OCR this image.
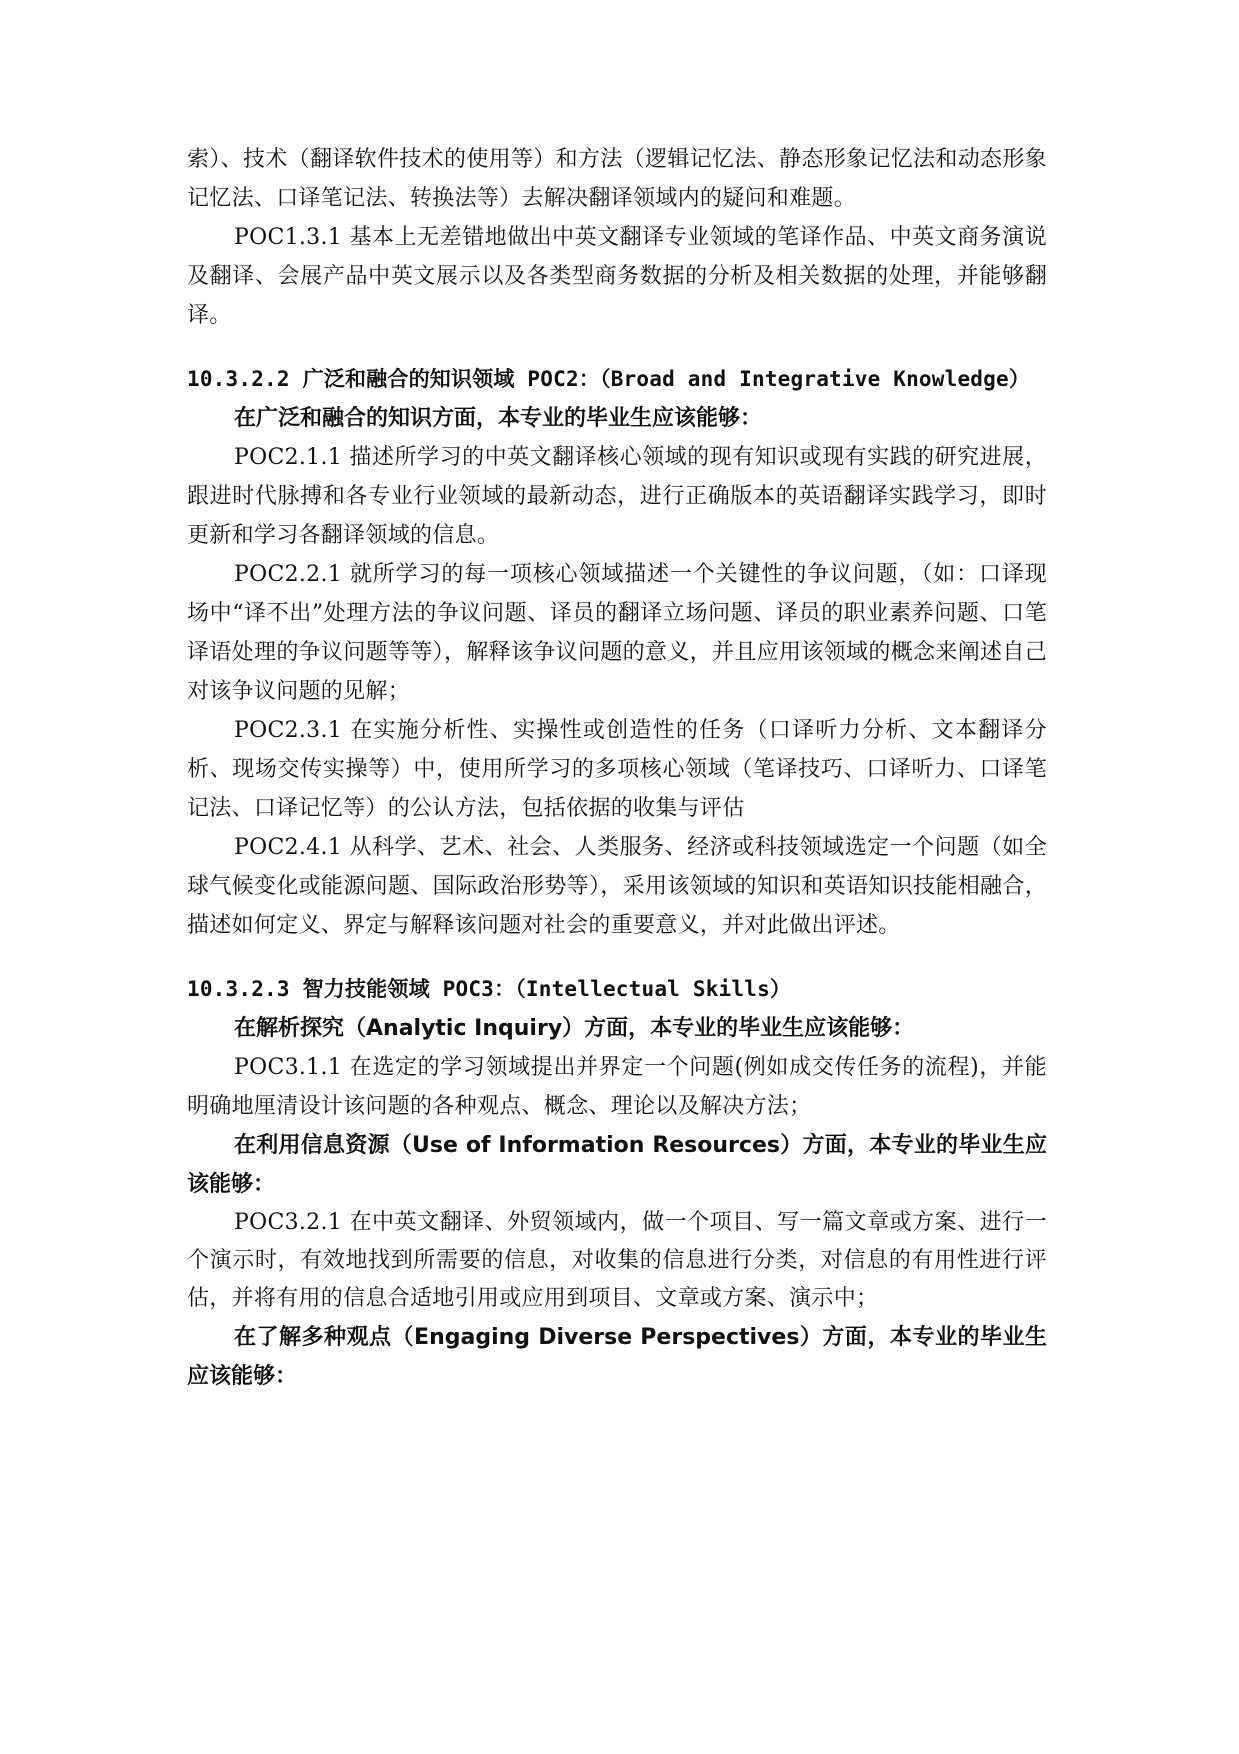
索）、技术（翻译软件技术的使用等）和方法（逻辑记忆法、静态形象记忆法和动态形象记忆法、口译笔记法、转换法等）去解决翻译领域内的疑问和难题。

POC1.3.1 基本上无差错地做出中英文翻译专业领域的笔译作品、中英文商务演说及翻译、会展产品中英文展示以及各类型商务数据的分析及相关数据的处理，并能够翻译。

10.3.2.2 广泛和融合的知识领域 POC2：（Broad and Integrative Knowledge）

在广泛和融合的知识方面，本专业的毕业生应该能够：

POC2.1.1 描述所学习的中英文翻译核心领域的现有知识或现有实践的研究进展，跟进时代脉搏和各专业行业领域的最新动态，进行正确版本的英语翻译实践学习，即时更新和学习各翻译领域的信息。

POC2.2.1 就所学习的每一项核心领域描述一个关键性的争议问题，（如：口译现场中“译不出”处理方法的争议问题、译员的翻译立场问题、译员的职业素养问题、口笔译语处理的争议问题等等），解释该争议问题的意义，并且应用该领域的概念来阐述自己对该争议问题的见解；

POC2.3.1 在实施分析性、实操性或创造性的任务（口译听力分析、文本翻译分析、现场交传实操等）中，使用所学习的多项核心领域（笔译技巧、口译听力、口译笔记法、口译记忆等）的公认方法，包括依据的收集与评估

POC2.4.1 从科学、艺术、社会、人类服务、经济或科技领域选定一个问题（如全球气候变化或能源问题、国际政治形势等），采用该领域的知识和英语知识技能相融合，描述如何定义、界定与解释该问题对社会的重要意义，并对此做出评述。

10.3.2.3 智力技能领域 POC3：（Intellectual Skills）

在解析探究（Analytic Inquiry）方面，本专业的毕业生应该能够：

POC3.1.1 在选定的学习领域提出并界定一个问题(例如成交传任务的流程)，并能明确地厘清设计该问题的各种观点、概念、理论以及解决方法；

在利用信息资源（Use of Information Resources）方面，本专业的毕业生应该能够：

POC3.2.1 在中英文翻译、外贸领域内，做一个项目、写一篇文章或方案、进行一个演示时，有效地找到所需要的信息，对收集的信息进行分类，对信息的有用性进行评估，并将有用的信息合适地引用或应用到项目、文章或方案、演示中；

在了解多种观点（Engaging Diverse Perspectives）方面，本专业的毕业生应该能够：
